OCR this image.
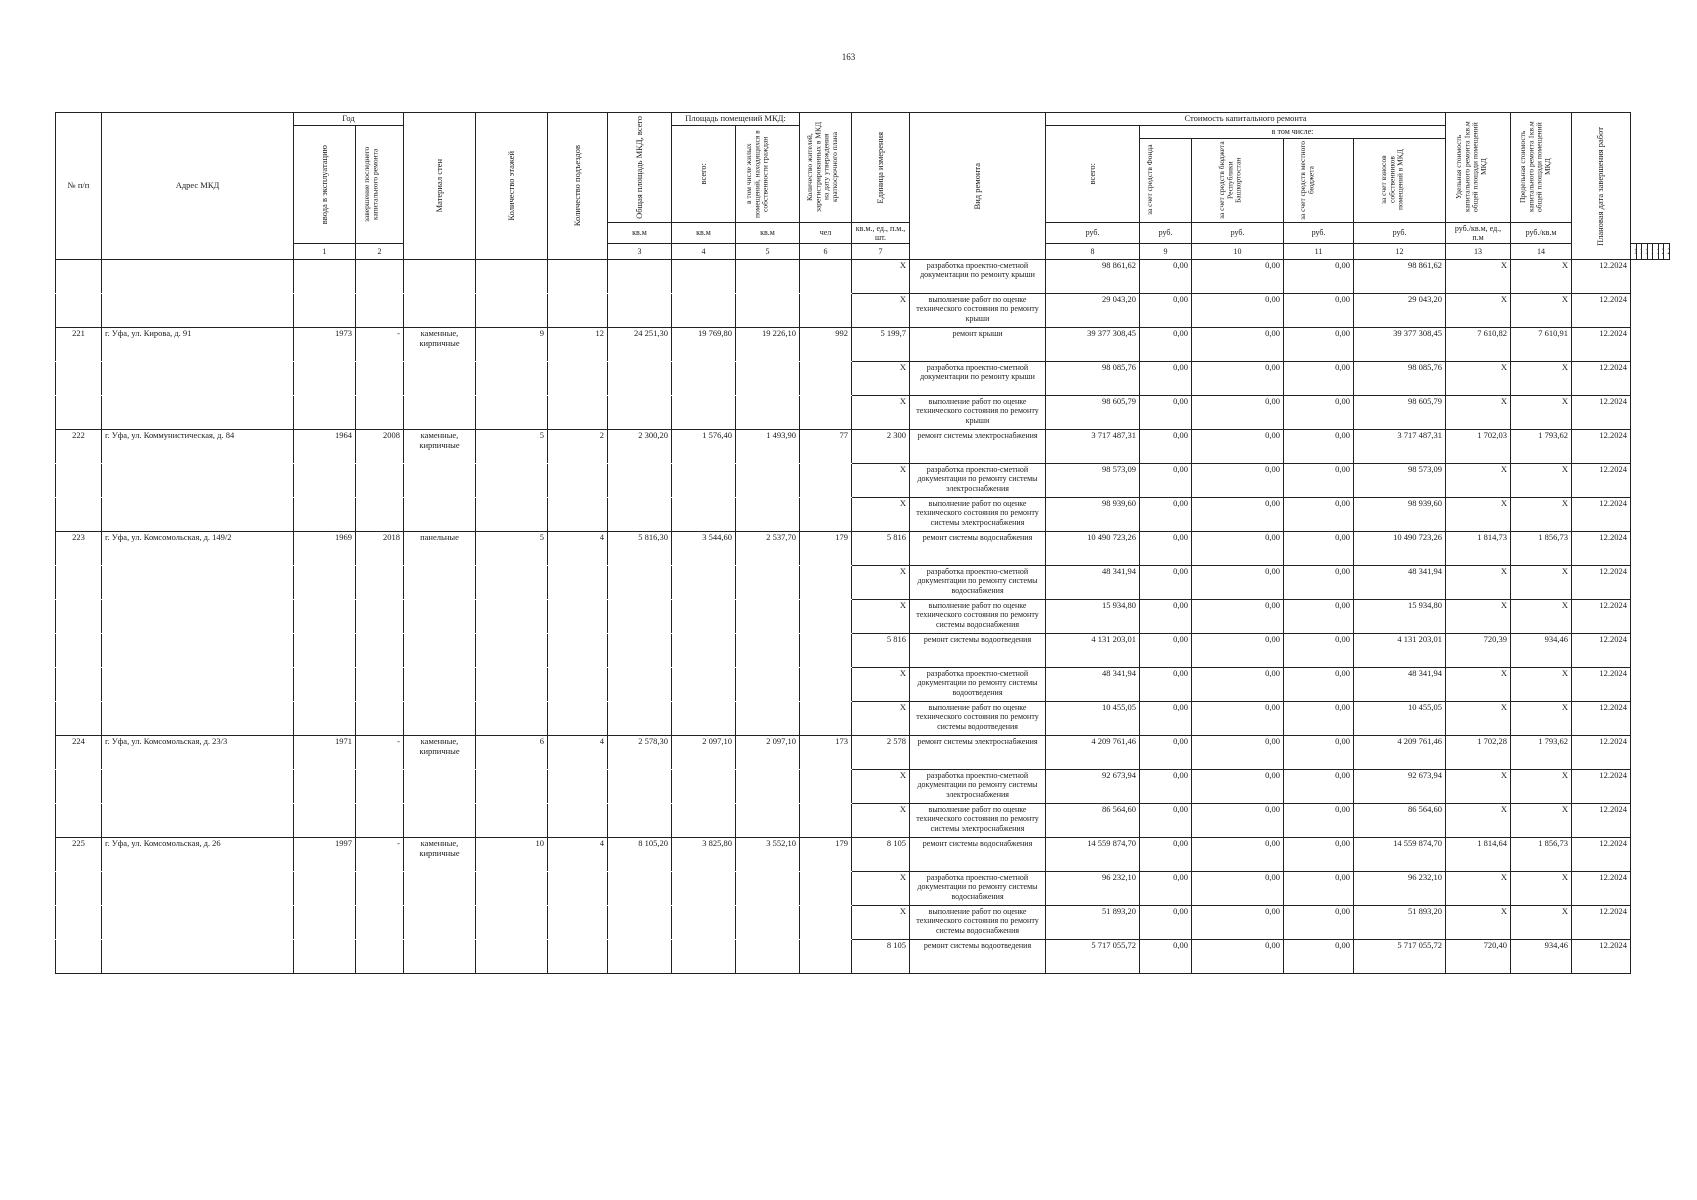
163
№ п/п	Адрес МКД	Год		Материал стен	Количество этажей	Количество подъездов	Общая площадь МКД, всего	Площадь помещений МКД:		Количество жителей, зарегистрированных в МКД на дату утверждения краткосрочного плана	Единица измерения	Вид ремонта	Стоимость капитального ремонта					Удельная стоимость капитального ремонта 1кв.м общей площади помещений МКД	Предельная стоимость капитального ремонта 1кв.м общей площади помещений МКД	Плановая дата завершения работ							

		ввода в эксплуатацию	завершение последнего капитального ремонта					всего:	в том числе жилых помещений, находящихся в собственности граждан				всего:	в том числе:													

														за счет средств Фонда	за счет средств бюджета Республики Башкортостан	за счет средств местного бюджета	за счет взносов собственников помещений в МКД										

							кв.м	кв.м	кв.м	чел	кв.м., ед., п.м., шт.		руб.	руб.	руб.	руб.	руб.	руб./кв.м, ед., п.м	руб./кв.м								
		1	2				3	4	5	6	7		8	9	10	11	12	13	14							
											X	разработка проектно-сметной документации по ремонту крыши	98 861,62	0,00	0,00	0,00	98 861,62	X	X	12.2024							
											X	выполнение работ по оценке технического состояния по ремонту крыши	29 043,20	0,00	0,00	0,00	29 043,20	X	X	12.2024							
221	г. Уфа, ул. Кирова, д. 91	1973	-	каменные, кирпичные	9	12	24 251,30	19 769,80	19 226,10	992	5 199,7	ремонт крыши	39 377 308,45	0,00	0,00	0,00	39 377 308,45	7 610,82	7 610,91	12.2024							
											X	разработка проектно-сметной документации по ремонту крыши	98 085,76	0,00	0,00	0,00	98 085,76	X	X	12.2024							
											X	выполнение работ по оценке технического состояния по ремонту крыши	98 605,79	0,00	0,00	0,00	98 605,79	X	X	12.2024							
222	г. Уфа, ул. Коммунистическая, д. 84	1964	2008	каменные, кирпичные	5	2	2 300,20	1 576,40	1 493,90	77	2 300	ремонт системы электроснабжения	3 717 487,31	0,00	0,00	0,00	3 717 487,31	1 702,03	1 793,62	12.2024							
											X	разработка проектно-сметной документации по ремонту системы электроснабжения	98 573,09	0,00	0,00	0,00	98 573,09	X	X	12.2024							
											X	выполнение работ по оценке технического состояния по ремонту системы электроснабжения	98 939,60	0,00	0,00	0,00	98 939,60	X	X	12.2024							
223	г. Уфа, ул. Комсомольская, д. 149/2	1969	2018	панельные	5	4	5 816,30	3 544,60	2 537,70	179	5 816	ремонт системы водоснабжения	10 490 723,26	0,00	0,00	0,00	10 490 723,26	1 814,73	1 856,73	12.2024							
											X	разработка проектно-сметной документации по ремонту системы водоснабжения	48 341,94	0,00	0,00	0,00	48 341,94	X	X	12.2024							
											X	выполнение работ по оценке технического состояния по ремонту системы водоснабжения	15 934,80	0,00	0,00	0,00	15 934,80	X	X	12.2024							
											5 816	ремонт системы водоотведения	4 131 203,01	0,00	0,00	0,00	4 131 203,01	720,39	934,46	12.2024							
											X	разработка проектно-сметной документации по ремонту системы водоотведения	48 341,94	0,00	0,00	0,00	48 341,94	X	X	12.2024							
											X	выполнение работ по оценке технического состояния по ремонту системы водоотведения	10 455,05	0,00	0,00	0,00	10 455,05	X	X	12.2024							
224	г. Уфа, ул. Комсомольская, д. 23/3	1971	-	каменные, кирпичные	6	4	2 578,30	2 097,10	2 097,10	173	2 578	ремонт системы электроснабжения	4 209 761,46	0,00	0,00	0,00	4 209 761,46	1 702,28	1 793,62	12.2024							
											X	разработка проектно-сметной документации по ремонту системы электроснабжения	92 673,94	0,00	0,00	0,00	92 673,94	X	X	12.2024							
											X	выполнение работ по оценке технического состояния по ремонту системы электроснабжения	86 564,60	0,00	0,00	0,00	86 564,60	X	X	12.2024							
225	г. Уфа, ул. Комсомольская, д. 26	1997	-	каменные, кирпичные	10	4	8 105,20	3 825,80	3 552,10	179	8 105	ремонт системы водоснабжения	14 559 874,70	0,00	0,00	0,00	14 559 874,70	1 814,64	1 856,73	12.2024							
											X	разработка проектно-сметной документации по ремонту системы водоснабжения	96 232,10	0,00	0,00	0,00	96 232,10	X	X	12.2024							
											X	выполнение работ по оценке технического состояния по ремонту системы водоснабжения	51 893,20	0,00	0,00	0,00	51 893,20	X	X	12.2024							
											8 105	ремонт системы водоотведения	5 717 055,72	0,00	0,00	0,00	5 717 055,72	720,40	934,46	12.2024							
